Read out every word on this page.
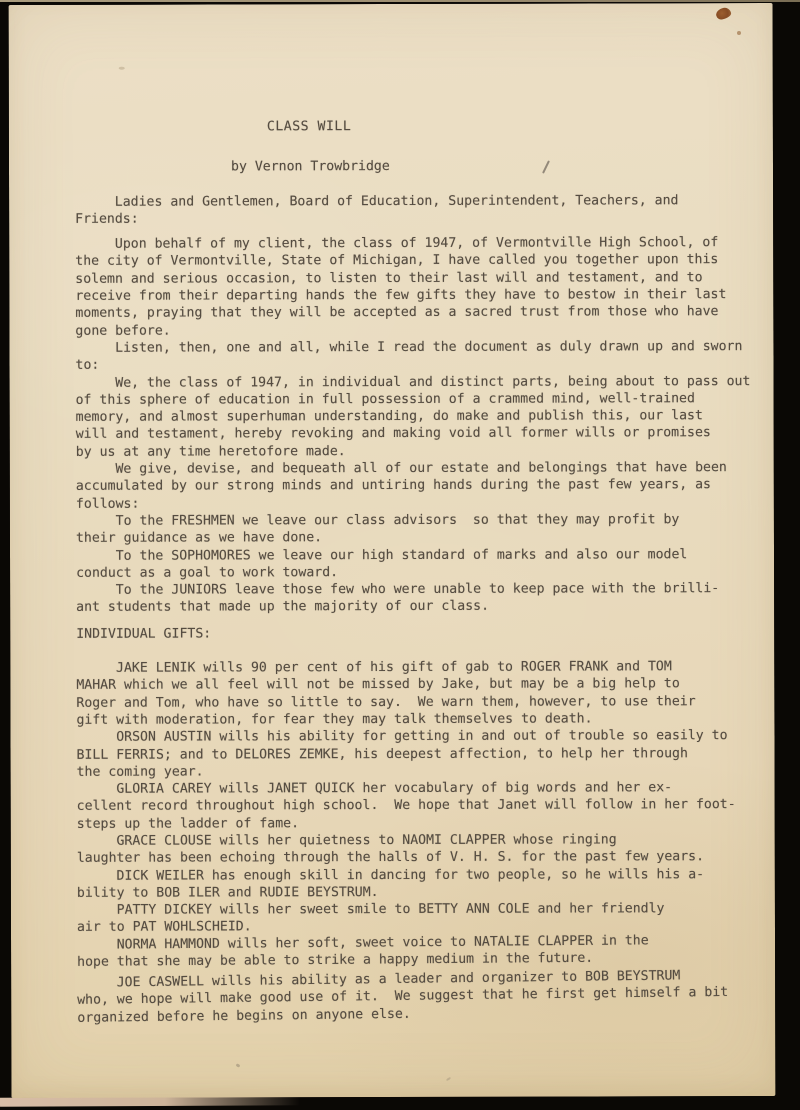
CLASS WILL
by Vernon Trowbridge
Ladies and Gentlemen, Board of Education, Superintendent, Teachers, and
Friends:
Upon behalf of my client, the class of 1947, of Vermontville High School, of
the city of Vermontville, State of Michigan, I have called you together upon this
solemn and serious occasion, to listen to their last will and testament, and to
receive from their departing hands the few gifts they have to bestow in their last
moments, praying that they will be accepted as a sacred trust from those who have
gone before.
Listen, then, one and all, while I read the document as duly drawn up and sworn
to:
We, the class of 1947, in individual and distinct parts, being about to pass out
of this sphere of education in full possession of a crammed mind, well-trained
memory, and almost superhuman understanding, do make and publish this, our last
will and testament, hereby revoking and making void all former wills or promises
by us at any time heretofore made.
We give, devise, and bequeath all of our estate and belongings that have been
accumulated by our strong minds and untiring hands during the past few years, as
follows:
To the FRESHMEN we leave our class advisors  so that they may profit by
their guidance as we have done.
To the SOPHOMORES we leave our high standard of marks and also our model
conduct as a goal to work toward.
To the JUNIORS leave those few who were unable to keep pace with the brilli-
ant students that made up the majority of our class.
INDIVIDUAL GIFTS:
JAKE LENIK wills 90 per cent of his gift of gab to ROGER FRANK and TOM
MAHAR which we all feel will not be missed by Jake, but may be a big help to
Roger and Tom, who have so little to say.  We warn them, however, to use their
gift with moderation, for fear they may talk themselves to death.
ORSON AUSTIN wills his ability for getting in and out of trouble so easily to
BILL FERRIS; and to DELORES ZEMKE, his deepest affection, to help her through
the coming year.
GLORIA CAREY wills JANET QUICK her vocabulary of big words and her ex-
cellent record throughout high school.  We hope that Janet will follow in her foot-
steps up the ladder of fame.
GRACE CLOUSE wills her quietness to NAOMI CLAPPER whose ringing
laughter has been echoing through the halls of V. H. S. for the past few years.
DICK WEILER has enough skill in dancing for two people, so he wills his a-
bility to BOB ILER and RUDIE BEYSTRUM.
PATTY DICKEY wills her sweet smile to BETTY ANN COLE and her friendly
air to PAT WOHLSCHEID.
NORMA HAMMOND wills her soft, sweet voice to NATALIE CLAPPER in the
hope that she may be able to strike a happy medium in the future.
JOE CASWELL wills his ability as a leader and organizer to BOB BEYSTRUM
who, we hope will make good use of it.  We suggest that he first get himself a bit
organized before he begins on anyone else.
